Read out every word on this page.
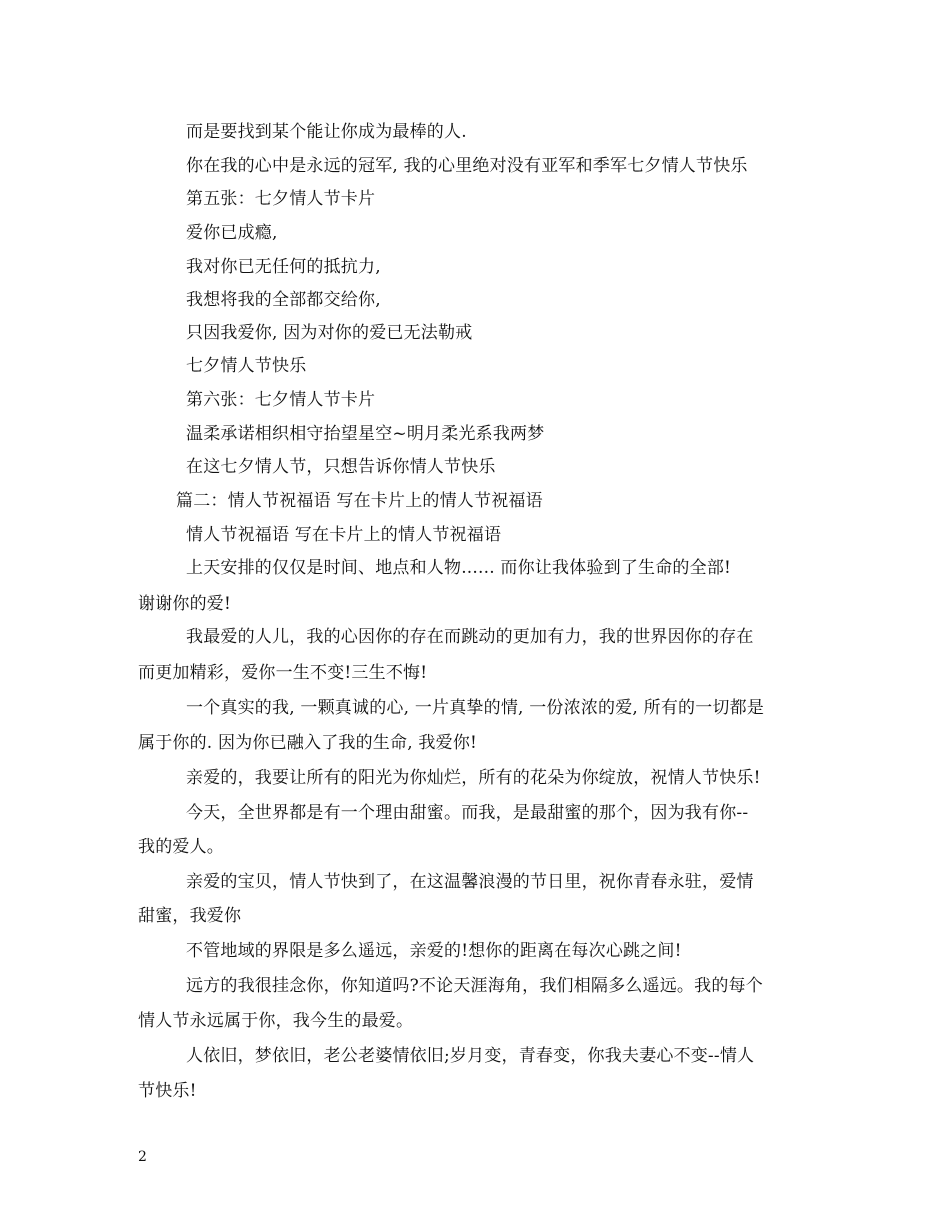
而是要找到某个能让你成为最棒的人.
你在我的心中是永远的冠军, 我的心里绝对没有亚军和季军七夕情人节快乐
第五张：七夕情人节卡片
爱你已成瘾,
我对你已无任何的抵抗力,
我想将我的全部都交给你,
只因我爱你, 因为对你的爱已无法勒戒
七夕情人节快乐
第六张：七夕情人节卡片
温柔承诺相织相守抬望星空~明月柔光系我两梦
在这七夕情人节，只想告诉你情人节快乐
篇二：情人节祝福语 写在卡片上的情人节祝福语
情人节祝福语 写在卡片上的情人节祝福语
上天安排的仅仅是时间、地点和人物...... 而你让我体验到了生命的全部!
谢谢你的爱!
我最爱的人儿，我的心因你的存在而跳动的更加有力，我的世界因你的存在
而更加精彩，爱你一生不变!三生不悔!
一个真实的我, 一颗真诚的心, 一片真挚的情, 一份浓浓的爱, 所有的一切都是
属于你的. 因为你已融入了我的生命, 我爱你!
亲爱的，我要让所有的阳光为你灿烂，所有的花朵为你绽放，祝情人节快乐!
今天，全世界都是有一个理由甜蜜。而我，是最甜蜜的那个，因为我有你--
我的爱人。
亲爱的宝贝，情人节快到了，在这温馨浪漫的节日里，祝你青春永驻，爱情
甜蜜，我爱你
不管地域的界限是多么遥远，亲爱的!想你的距离在每次心跳之间!
远方的我很挂念你，你知道吗?不论天涯海角，我们相隔多么遥远。我的每个
情人节永远属于你，我今生的最爱。
人依旧，梦依旧，老公老婆情依旧;岁月变，青春变，你我夫妻心不变--情人
节快乐!
2
